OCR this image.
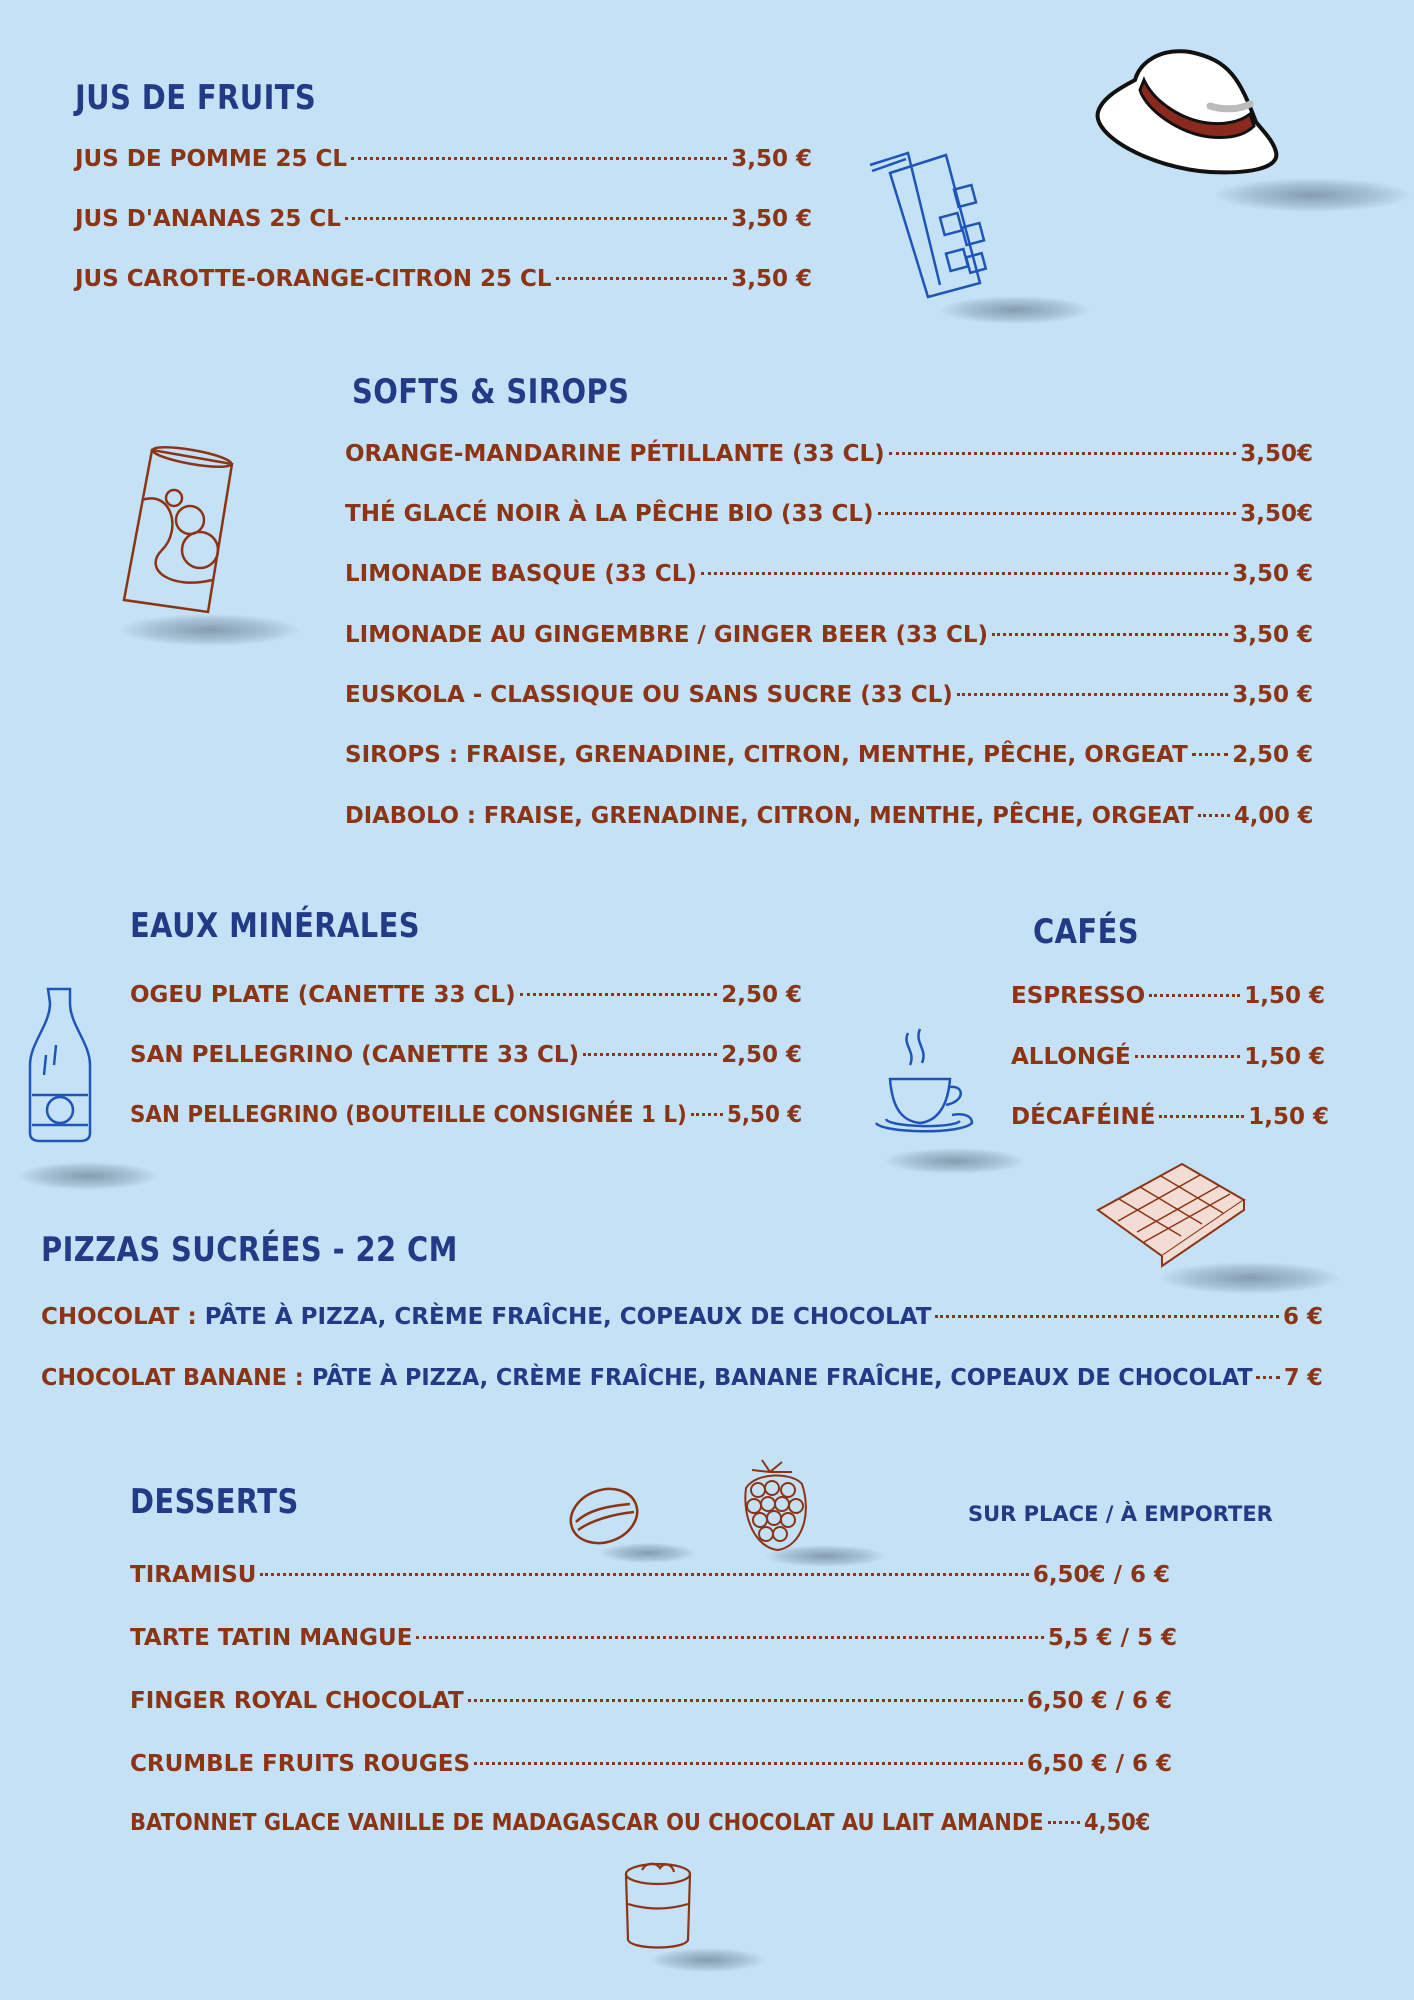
JUS DE FRUITS
JUS DE POMME 25 CL	3,50 €
JUS D'ANANAS 25 CL	3,50 €
JUS CAROTTE-ORANGE-CITRON 25 CL	3,50 €
SOFTS & SIROPS
ORANGE-MANDARINE PÉTILLANTE (33 CL)	3,50€
THÉ GLACÉ NOIR À LA PÊCHE BIO (33 CL)	3,50€
LIMONADE BASQUE (33 CL)	3,50 €
LIMONADE AU GINGEMBRE / GINGER BEER (33 CL)	3,50 €
EUSKOLA - CLASSIQUE OU SANS SUCRE (33 CL)	3,50 €
SIROPS : FRAISE, GRENADINE, CITRON, MENTHE, PÊCHE, ORGEAT 2,50 €
DIABOLO : FRAISE, GRENADINE, CITRON, MENTHE, PÊCHE, ORGEAT 4,00 €
EAUX MINÉRALES
OGEU PLATE (CANETTE 33 CL)	2,50 €
SAN PELLEGRINO (CANETTE 33 CL)	2,50 €
SAN PELLEGRINO (BOUTEILLE CONSIGNÉE 1 L) 5,50 €
CAFÉS
ESPRESSO	1,50 €
ALLONGÉ	1,50 €
DÉCAFÉINÉ	1,50 €
PIZZAS SUCRÉES - 22 CM
CHOCOLAT :
PÂTE À PIZZA, CRÈME FRAÎCHE, COPEAUX DE CHOCOLAT	6 €
CHOCOLAT BANANE :
PÂTE À PIZZA, CRÈME FRAÎCHE, BANANE FRAÎCHE, COPEAUX DE CHOCOLAT 7 €
DESSERTS	SUR PLACE / À EMPORTER
TIRAMISU	6,50€ / 6 €
TARTE TATIN MANGUE	5,5 € / 5 €
FINGER ROYAL CHOCOLAT	6,50 € / 6 €
CRUMBLE FRUITS ROUGES	6,50 € / 6 €
BATONNET GLACE VANILLE DE MADAGASCAR OU CHOCOLAT AU LAIT AMANDE 4,50€
